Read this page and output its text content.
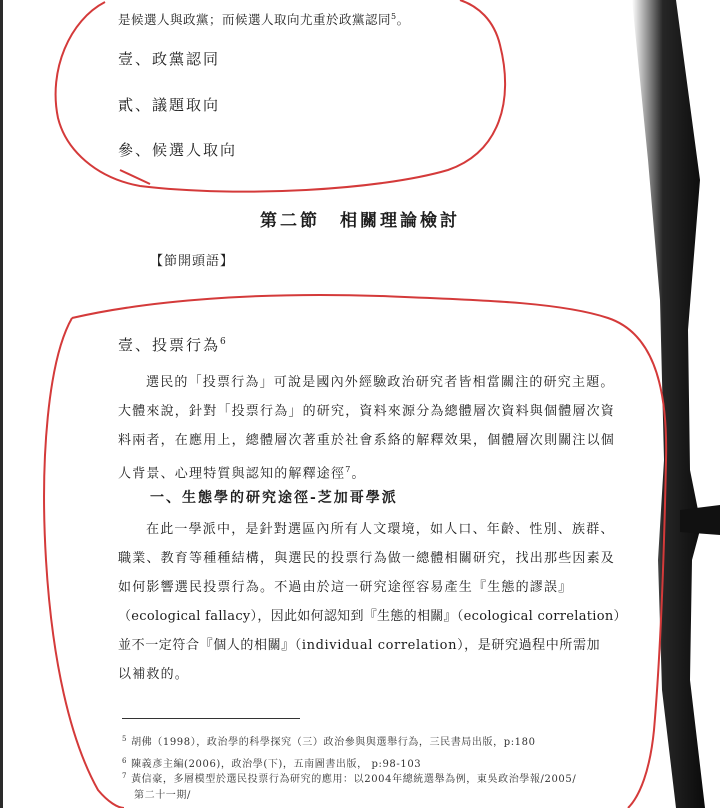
是候選人與政黨；而候選人取向尤重於政黨認同$^5$。
壹、政黨認同
貳、議題取向
參、候選人取向
第二節 相關理論檢討
【節開頭語】
壹、投票行為$^6$
選民的「投票行為」可說是國內外經驗政治研究者皆相當關注的研究主題。
大體來說，針對「投票行為」的研究，資料來源分為總體層次資料與個體層次資
料兩者，在應用上，總體層次著重於社會系絡的解釋效果，個體層次則關注以個
人背景、心理特質與認知的解釋途徑$^7$。
一、生態學的研究途徑-芝加哥學派
在此一學派中，是針對選區內所有人文環境，如人口、年齡、性別、族群、
職業、教育等種種結構，與選民的投票行為做一總體相關研究，找出那些因素及
如何影響選民投票行為。不過由於這一研究途徑容易產生『生態的謬誤』
（ecological fallacy），因此如何認知到『生態的相關』（ecological correlation）
並不一定符合『個人的相關』（individual correlation），是研究過程中所需加
以補救的。
$^5$ 胡佛（1998），政治學的科學探究（三）政治參與與選舉行為，三民書局出版，p:180
$^6$ 陳義彥主編(2006)，政治學(下)，五南圖書出版， p:98-103
$^7$ 黃信豪，多層模型於選民投票行為研究的應用：以2004年總統選舉為例，東吳政治學報/2005/
第二十一期/
